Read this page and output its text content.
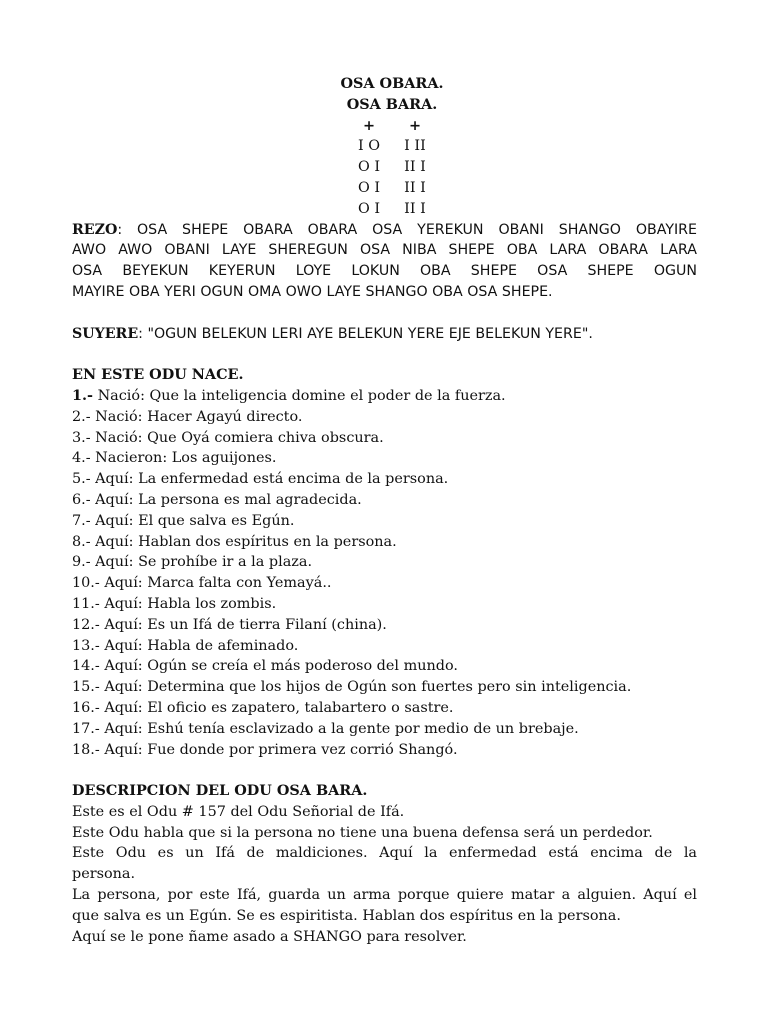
OSA OBARA.
OSA BARA.
+ +
I O I II
O I II I
O I II I
O I II I
REZO: OSA SHEPE OBARA OBARA OSA YEREKUN OBANI SHANGO OBAYIRE
AWO AWO OBANI LAYE SHEREGUN OSA NIBA SHEPE OBA LARA OBARA LARA
OSA BEYEKUN KEYERUN LOYE LOKUN OBA SHEPE OSA SHEPE OGUN
MAYIRE OBA YERI OGUN OMA OWO LAYE SHANGO OBA OSA SHEPE.
SUYERE: "OGUN BELEKUN LERI AYE BELEKUN YERE EJE BELEKUN YERE".
EN ESTE ODU NACE.
1.- Nació: Que la inteligencia domine el poder de la fuerza.
2.- Nació: Hacer Agayú directo.
3.- Nació: Que Oyá comiera chiva obscura.
4.- Nacieron: Los aguijones.
5.- Aquí: La enfermedad está encima de la persona.
6.- Aquí: La persona es mal agradecida.
7.- Aquí: El que salva es Egún.
8.- Aquí: Hablan dos espíritus en la persona.
9.- Aquí: Se prohíbe ir a la plaza.
10.- Aquí: Marca falta con Yemayá..
11.- Aquí: Habla los zombis.
12.- Aquí: Es un Ifá de tierra Filaní (china).
13.- Aquí: Habla de afeminado.
14.- Aquí: Ogún se creía el más poderoso del mundo.
15.- Aquí: Determina que los hijos de Ogún son fuertes pero sin inteligencia.
16.- Aquí: El oficio es zapatero, talabartero o sastre.
17.- Aquí: Eshú tenía esclavizado a la gente por medio de un brebaje.
18.- Aquí: Fue donde por primera vez corrió Shangó.
DESCRIPCION DEL ODU OSA BARA.
Este es el Odu # 157 del Odu Señorial de Ifá.
Este Odu habla que si la persona no tiene una buena defensa será un perdedor.
Este Odu es un Ifá de maldiciones. Aquí la enfermedad está encima de la
persona.
La persona, por este Ifá, guarda un arma porque quiere matar a alguien. Aquí el
que salva es un Egún. Se es espiritista. Hablan dos espíritus en la persona.
Aquí se le pone ñame asado a SHANGO para resolver.
